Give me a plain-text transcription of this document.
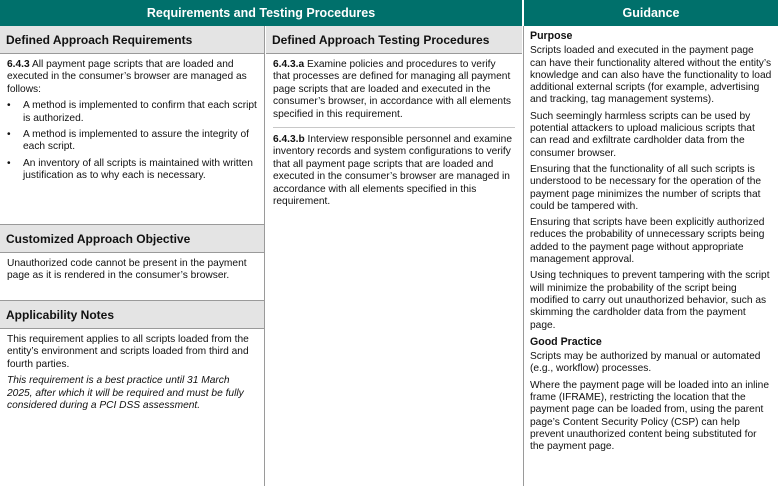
Requirements and Testing Procedures	Guidance
Defined Approach Requirements

6.4.3 All payment page scripts that are loaded and executed in the consumer’s browser are managed as follows:

• A method is implemented to confirm that each script is authorized.
• A method is implemented to assure the integrity of each script.
• An inventory of all scripts is maintained with written justification as to why each is necessary.
Customized Approach Objective

Unauthorized code cannot be present in the payment page as it is rendered in the consumer’s browser.

Applicability Notes

This requirement applies to all scripts loaded from the entity’s environment and scripts loaded from third and fourth parties.

This requirement is a best practice until 31 March 2025, after which it will be required and must be fully considered during a PCI DSS assessment.

Defined Approach Testing Procedures

6.4.3.a Examine policies and procedures to verify that processes are defined for managing all payment page scripts that are loaded and executed in the consumer’s browser, in accordance with all elements specified in this requirement.

6.4.3.b Interview responsible personnel and examine inventory records and system configurations to verify that all payment page scripts that are loaded and executed in the consumer’s browser are managed in accordance with all elements specified in this requirement.

Purpose

Scripts loaded and executed in the payment page can have their functionality altered without the entity’s knowledge and can also have the functionality to load additional external scripts (for example, advertising and tracking, tag management systems).

Such seemingly harmless scripts can be used by potential attackers to upload malicious scripts that can read and exfiltrate cardholder data from the consumer browser.

Ensuring that the functionality of all such scripts is understood to be necessary for the operation of the payment page minimizes the number of scripts that could be tampered with.

Ensuring that scripts have been explicitly authorized reduces the probability of unnecessary scripts being added to the payment page without appropriate management approval.

Using techniques to prevent tampering with the script will minimize the probability of the script being modified to carry out unauthorized behavior, such as skimming the cardholder data from the payment page.

Good Practice

Scripts may be authorized by manual or automated (e.g., workflow) processes.

Where the payment page will be loaded into an inline frame (IFRAME), restricting the location that the payment page can be loaded from, using the parent page’s Content Security Policy (CSP) can help prevent unauthorized content being substituted for the payment page.
